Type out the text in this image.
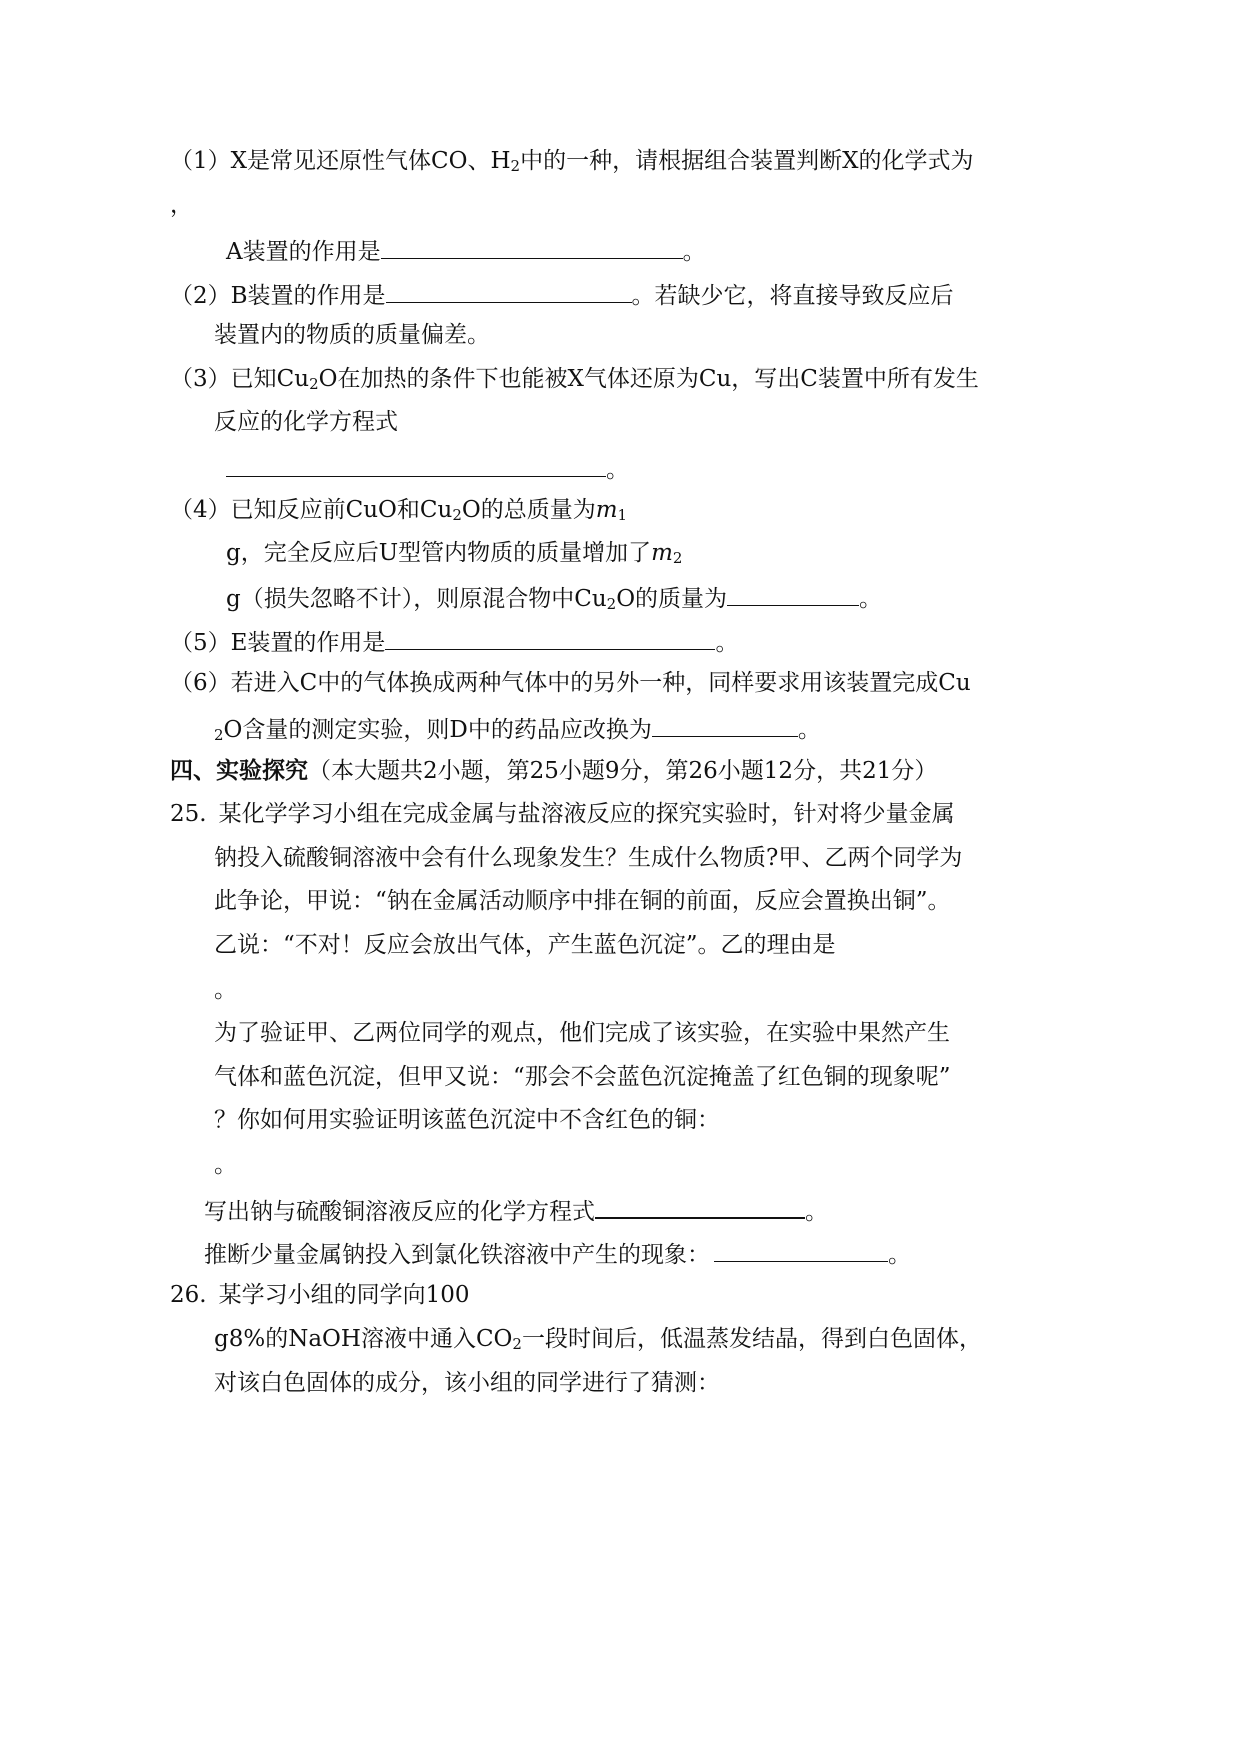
（1）X是常见还原性气体CO、$H_2$中的一种，请根据组合装置判断X的化学式为
，
A装置的作用是	。
（2）B装置的作用是	。若缺少它，将直接导致反应后
装置内的物质的质量偏差。
（3）已知$Cu_2O$在加热的条件下也能被X气体还原为Cu，写出C装置中所有发生
反应的化学方程式
。
（4）已知反应前CuO和$Cu_2O$的总质量为$m_1$
g，完全反应后U型管内物质的质量增加了$m_2$
g（损失忽略不计），则原混合物中$Cu_2O$的质量为	。
（5）E装置的作用是	。
（6）若进入C中的气体换成两种气体中的另外一种，同样要求用该装置完成Cu
$_2$O含量的测定实验，则D中的药品应改换为	。
四、实验探究（本大题共2小题，第25小题9分，第26小题12分，共21分）
25. 某化学学习小组在完成金属与盐溶液反应的探究实验时，针对将少量金属
钠投入硫酸铜溶液中会有什么现象发生？生成什么物质?甲、乙两个同学为
此争论，甲说：“钠在金属活动顺序中排在铜的前面，反应会置换出铜”。
乙说：“不对！反应会放出气体，产生蓝色沉淀”。乙的理由是
。
为了验证甲、乙两位同学的观点，他们完成了该实验，在实验中果然产生
气体和蓝色沉淀，但甲又说：“那会不会蓝色沉淀掩盖了红色铜的现象呢”
？你如何用实验证明该蓝色沉淀中不含红色的铜：
。
写出钠与硫酸铜溶液反应的化学方程式	。
推断少量金属钠投入到氯化铁溶液中产生的现象：	。
26. 某学习小组的同学向100
g8%的NaOH溶液中通入$CO_2$一段时间后，低温蒸发结晶，得到白色固体，
对该白色固体的成分，该小组的同学进行了猜测：
